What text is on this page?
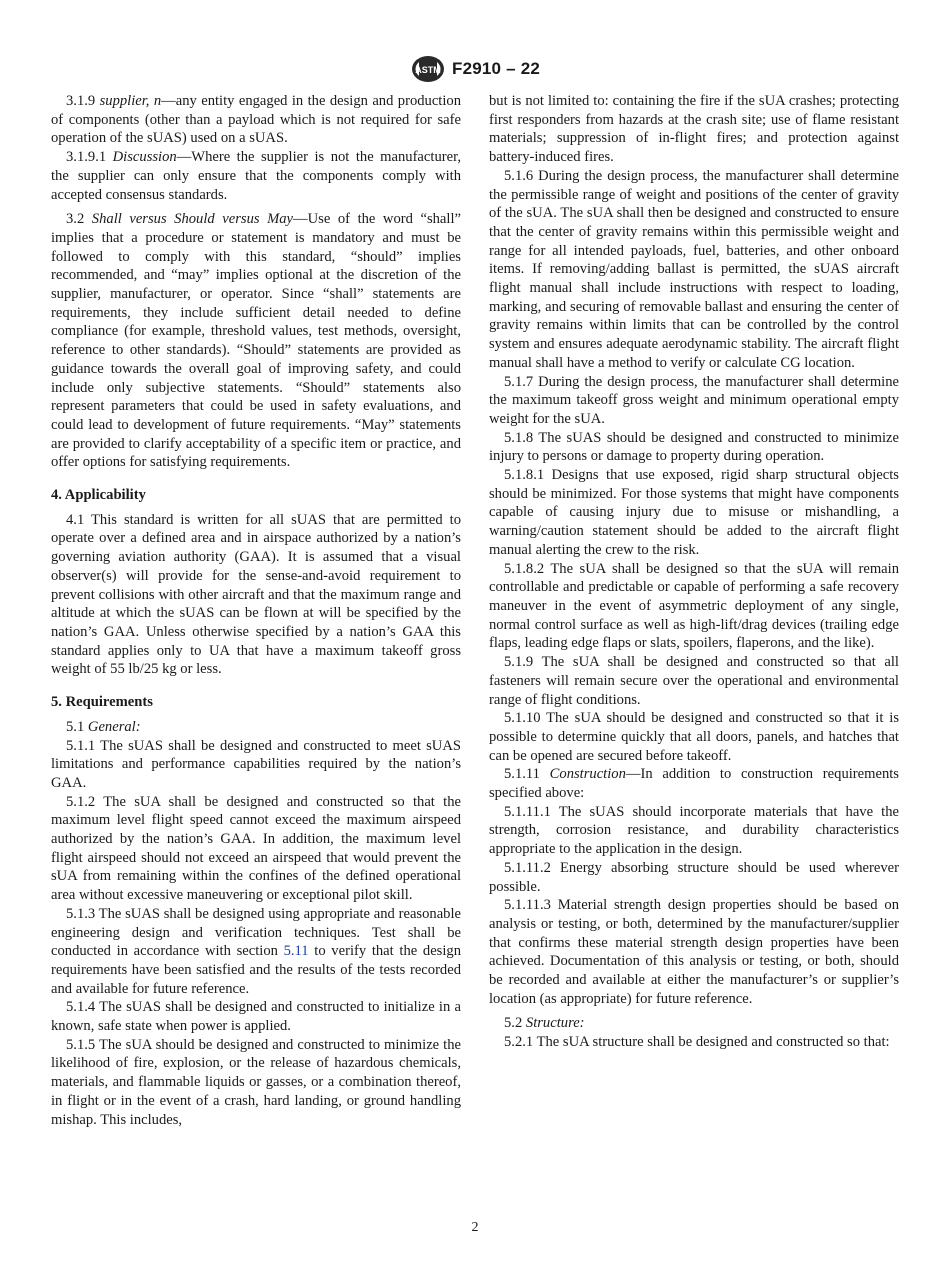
ASTM F2910 – 22

3.1.9 supplier, n—any entity engaged in the design and production of components (other than a payload which is not required for safe operation of the sUAS) used on a sUAS.

3.1.9.1 Discussion—Where the supplier is not the manufacturer, the supplier can only ensure that the components comply with accepted consensus standards.

3.2 Shall versus Should versus May—Use of the word “shall” implies that a procedure or statement is mandatory and must be followed to comply with this standard, “should” implies recommended, and “may” implies optional at the discretion of the supplier, manufacturer, or operator. Since “shall” statements are requirements, they include sufficient detail needed to define compliance (for example, threshold values, test methods, oversight, reference to other standards). “Should” statements are provided as guidance towards the overall goal of improving safety, and could include only subjective statements. “Should” statements also represent parameters that could be used in safety evaluations, and could lead to development of future requirements. “May” statements are provided to clarify acceptability of a specific item or practice, and offer options for satisfying requirements.

4. Applicability

4.1 This standard is written for all sUAS that are permitted to operate over a defined area and in airspace authorized by a nation’s governing aviation authority (GAA). It is assumed that a visual observer(s) will provide for the sense-and-avoid requirement to prevent collisions with other aircraft and that the maximum range and altitude at which the sUAS can be flown at will be specified by the nation’s GAA. Unless otherwise specified by a nation’s GAA this standard applies only to UA that have a maximum takeoff gross weight of 55 lb/25 kg or less.

5. Requirements

5.1 General:

5.1.1 The sUAS shall be designed and constructed to meet sUAS limitations and performance capabilities required by the nation’s GAA.

5.1.2 The sUA shall be designed and constructed so that the maximum level flight speed cannot exceed the maximum airspeed authorized by the nation’s GAA. In addition, the maximum level flight airspeed should not exceed an airspeed that would prevent the sUA from remaining within the confines of the defined operational area without excessive maneuvering or exceptional pilot skill.

5.1.3 The sUAS shall be designed using appropriate and reasonable engineering design and verification techniques. Test shall be conducted in accordance with section 5.11 to verify that the design requirements have been satisfied and the results of the tests recorded and available for future reference.

5.1.4 The sUAS shall be designed and constructed to initialize in a known, safe state when power is applied.

5.1.5 The sUA should be designed and constructed to minimize the likelihood of fire, explosion, or the release of hazardous chemicals, materials, and flammable liquids or gasses, or a combination thereof, in flight or in the event of a crash, hard landing, or ground handling mishap. This includes,

but is not limited to: containing the fire if the sUA crashes; protecting first responders from hazards at the crash site; use of flame resistant materials; suppression of in-flight fires; and protection against battery-induced fires.

5.1.6 During the design process, the manufacturer shall determine the permissible range of weight and positions of the center of gravity of the sUA. The sUA shall then be designed and constructed to ensure that the center of gravity remains within this permissible weight and range for all intended payloads, fuel, batteries, and other onboard items. If removing/adding ballast is permitted, the sUAS aircraft flight manual shall include instructions with respect to loading, marking, and securing of removable ballast and ensuring the center of gravity remains within limits that can be controlled by the control system and ensures adequate aerodynamic stability. The aircraft flight manual shall have a method to verify or calculate CG location.

5.1.7 During the design process, the manufacturer shall determine the maximum takeoff gross weight and minimum operational empty weight for the sUA.

5.1.8 The sUAS should be designed and constructed to minimize injury to persons or damage to property during operation.

5.1.8.1 Designs that use exposed, rigid sharp structural objects should be minimized. For those systems that might have components capable of causing injury due to misuse or mishandling, a warning/caution statement should be added to the aircraft flight manual alerting the crew to the risk.

5.1.8.2 The sUA shall be designed so that the sUA will remain controllable and predictable or capable of performing a safe recovery maneuver in the event of asymmetric deployment of any single, normal control surface as well as high-lift/drag devices (trailing edge flaps, leading edge flaps or slats, spoilers, flaperons, and the like).

5.1.9 The sUA shall be designed and constructed so that all fasteners will remain secure over the operational and environmental range of flight conditions.

5.1.10 The sUA should be designed and constructed so that it is possible to determine quickly that all doors, panels, and hatches that can be opened are secured before takeoff.

5.1.11 Construction—In addition to construction requirements specified above:

5.1.11.1 The sUAS should incorporate materials that have the strength, corrosion resistance, and durability characteristics appropriate to the application in the design.

5.1.11.2 Energy absorbing structure should be used wherever possible.

5.1.11.3 Material strength design properties should be based on analysis or testing, or both, determined by the manufacturer/supplier that confirms these material strength design properties have been achieved. Documentation of this analysis or testing, or both, should be recorded and available at either the manufacturer’s or supplier’s location (as appropriate) for future reference.

5.2 Structure:

5.2.1 The sUA structure shall be designed and constructed so that:

2
